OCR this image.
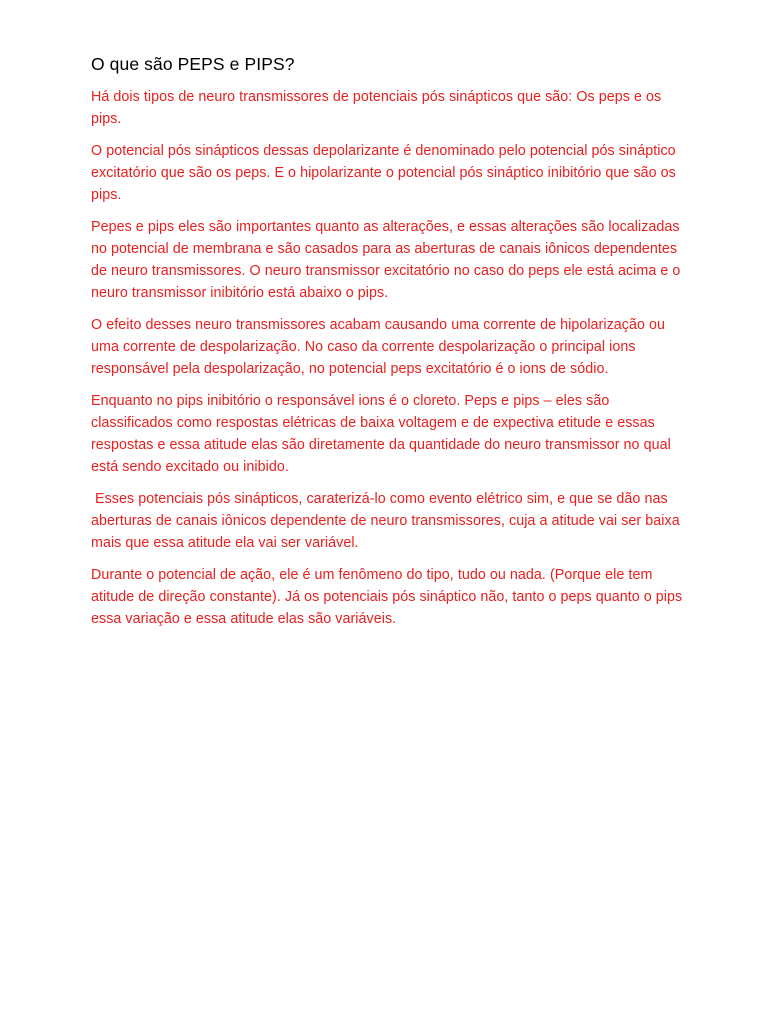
O que são PEPS e PIPS?

Há dois tipos de neuro transmissores de potenciais pós sinápticos que são: Os peps e os pips.

O potencial pós sinápticos dessas depolarizante é denominado pelo potencial pós sináptico excitatório que são os peps. E o hipolarizante o potencial pós sináptico inibitório que são os pips.

Pepes e pips eles são importantes quanto as alterações, e essas alterações são localizadas no potencial de membrana e são casados para as aberturas de canais iônicos dependentes de neuro transmissores. O neuro transmissor excitatório no caso do peps ele está acima e o neuro transmissor inibitório está abaixo o pips.

O efeito desses neuro transmissores acabam causando uma corrente de hipolarização ou uma corrente de despolarização. No caso da corrente despolarização o principal ions responsável pela despolarização, no potencial peps excitatório é o ions de sódio.

Enquanto no pips inibitório o responsável ions é o cloreto. Peps e pips – eles são classificados como respostas elétricas de baixa voltagem e de expectiva etitude e essas respostas e essa atitude elas são diretamente da quantidade do neuro transmissor no qual está sendo excitado ou inibido.

Esses potenciais pós sinápticos, caraterizá-lo como evento elétrico sim, e que se dão nas aberturas de canais iônicos dependente de neuro transmissores, cuja a atitude vai ser baixa mais que essa atitude ela vai ser variável.

Durante o potencial de ação, ele é um fenômeno do tipo, tudo ou nada. (Porque ele tem atitude de direção constante). Já os potenciais pós sináptico não, tanto o peps quanto o pips essa variação e essa atitude elas são variáveis.
